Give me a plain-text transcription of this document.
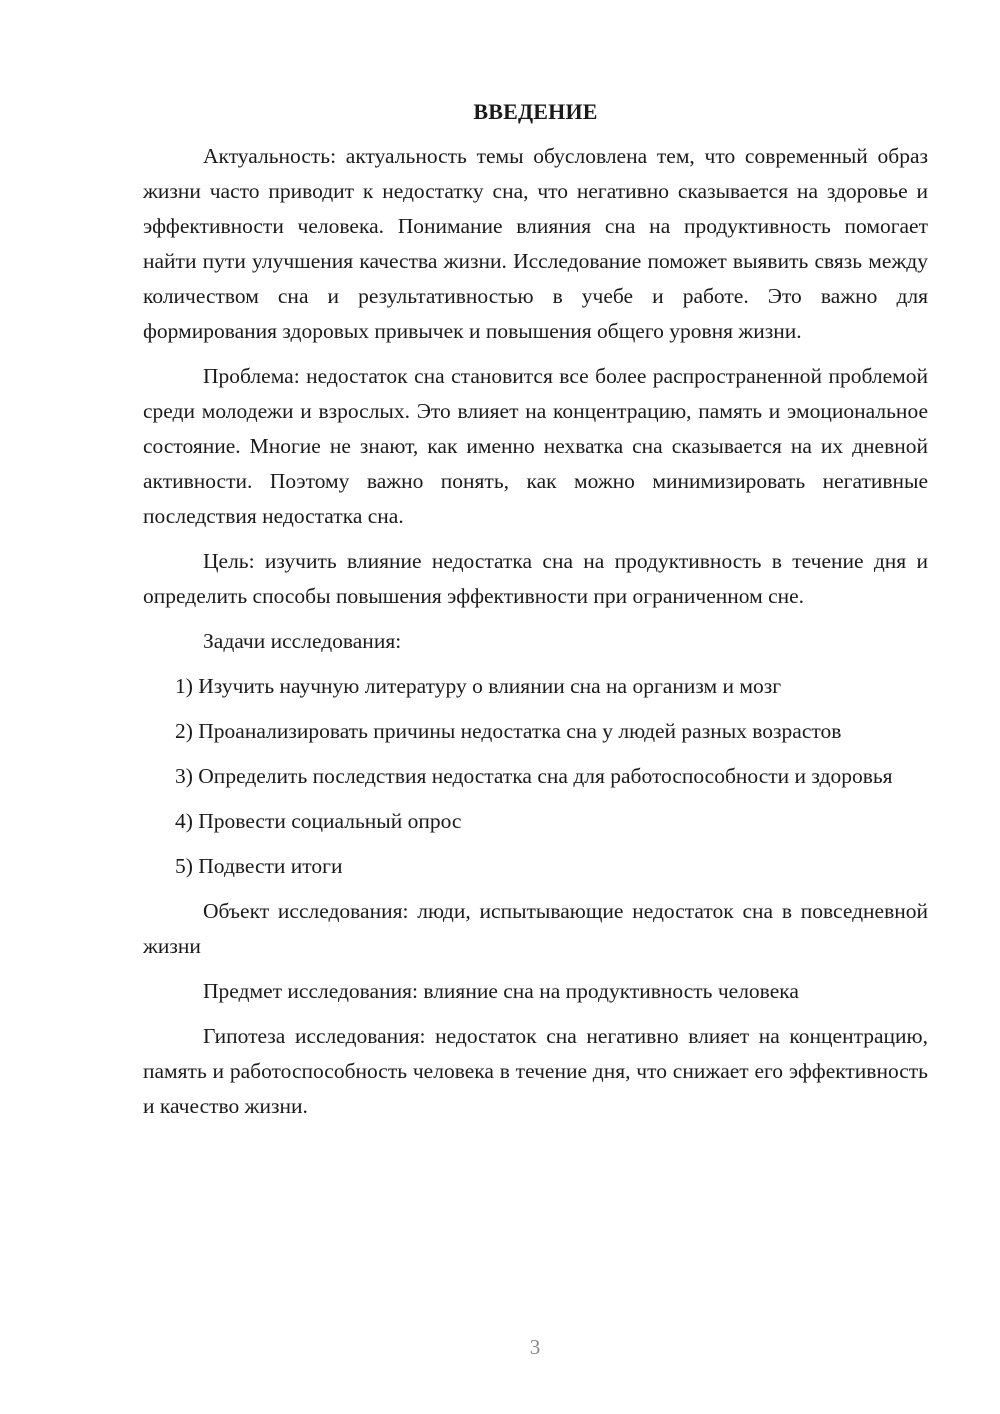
ВВЕДЕНИЕ

Актуальность: актуальность темы обусловлена тем, что современный образ жизни часто приводит к недостатку сна, что негативно сказывается на здоровье и эффективности человека. Понимание влияния сна на продуктивность помогает найти пути улучшения качества жизни. Исследование поможет выявить связь между количеством сна и результативностью в учебе и работе. Это важно для формирования здоровых привычек и повышения общего уровня жизни.

Проблема: недостаток сна становится все более распространенной проблемой среди молодежи и взрослых. Это влияет на концентрацию, память и эмоциональное состояние. Многие не знают, как именно нехватка сна сказывается на их дневной активности. Поэтому важно понять, как можно минимизировать негативные последствия недостатка сна.

Цель: изучить влияние недостатка сна на продуктивность в течение дня и определить способы повышения эффективности при ограниченном сне.

Задачи исследования:

1) Изучить научную литературу о влиянии сна на организм и мозг

2) Проанализировать причины недостатка сна у людей разных возрастов

3) Определить последствия недостатка сна для работоспособности и здоровья

4) Провести социальный опрос

5) Подвести итоги

Объект исследования: люди, испытывающие недостаток сна в повседневной жизни

Предмет исследования: влияние сна на продуктивность человека

Гипотеза исследования: недостаток сна негативно влияет на концентрацию, память и работоспособность человека в течение дня, что снижает его эффективность и качество жизни.

3
